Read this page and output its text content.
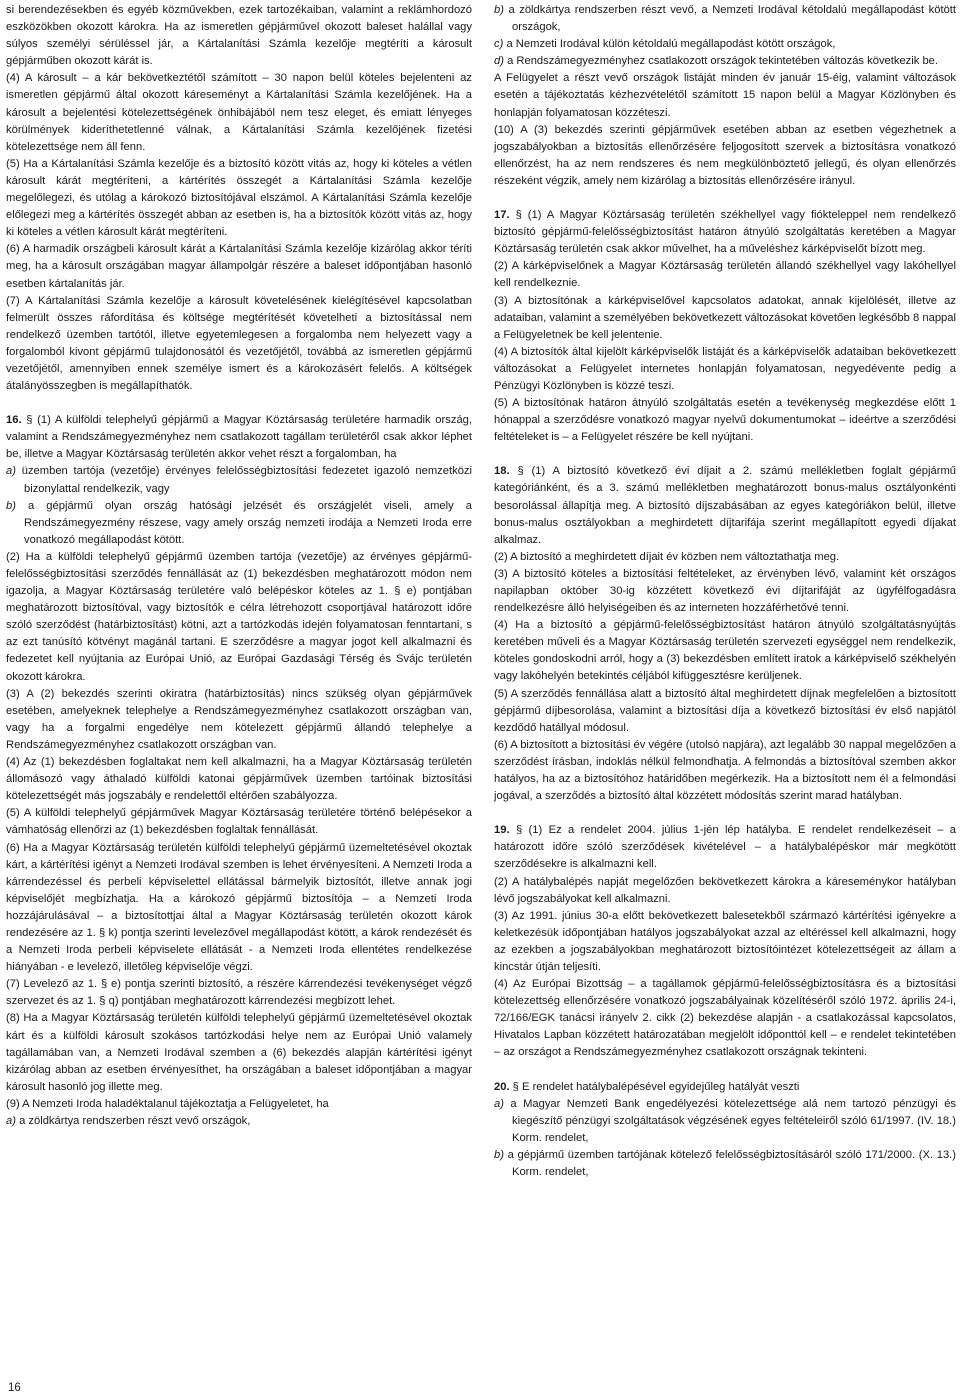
si berendezésekben és egyéb közművekben, ezek tartozékaiban, valamint a reklámhordozó eszközökben okozott károkra. Ha az ismeretlen gépjárművel okozott baleset halállal vagy súlyos személyi sérüléssel jár, a Kártalanítási Számla kezelője megtéríti a károsult gépjárműben okozott kárát is.

(4) A károsult – a kár bekövetkeztétől számított – 30 napon belül köteles bejelenteni az ismeretlen gépjármű által okozott káreseményt a Kártalanítási Számla kezelőjének. Ha a károsult a bejelentési kötelezettségének önhibájából nem tesz eleget, és emiatt lényeges körülmények kideríthetetlenné válnak, a Kártalanítási Számla kezelőjének fizetési kötelezettsége nem áll fenn.

(5) Ha a Kártalanítási Számla kezelője és a biztosító között vitás az, hogy ki köteles a vétlen károsult kárát megtéríteni, a kártérítés összegét a Kártalanítási Számla kezelője megelőlegezi, és utólag a károkozó biztosítójával elszámol. A Kártalanítási Számla kezelője előlegezi meg a kártérítés összegét abban az esetben is, ha a biztosítók között vitás az, hogy ki köteles a vétlen károsult kárát megtéríteni.

(6) A harmadik országbeli károsult kárát a Kártalanítási Számla kezelője kizárólag akkor téríti meg, ha a károsult országában magyar állampolgár részére a baleset időpontjában hasonló esetben kártalanítás jár.

(7) A Kártalanítási Számla kezelője a károsult követelésének kielégítésével kapcsolatban felmerült összes ráfordítása és költsége megtérítését követelheti a biztosítással nem rendelkező üzemben tartótól, illetve egyetemlegesen a forgalomba nem helyezett vagy a forgalomból kivont gépjármű tulajdonosától és vezetőjétől, továbbá az ismeretlen gépjármű vezetőjétől, amennyiben ennek személye ismert és a károkozásért felelős. A költségek átalányösszegben is megállapíthatók.

16. § (1) A külföldi telephelyű gépjármű a Magyar Köztársaság területére harmadik ország, valamint a Rendszámegyezményhez nem csatlakozott tagállam területéről csak akkor léphet be, illetve a Magyar Köztársaság területén akkor vehet részt a forgalomban, ha

a) üzemben tartója (vezetője) érvényes felelősségbiztosítási fedezetet igazoló nemzetközi bizonylattal rendelkezik, vagy

b) a gépjármű olyan ország hatósági jelzését és országjelét viseli, amely a Rendszámegyezmény részese, vagy amely ország nemzeti irodája a Nemzeti Iroda erre vonatkozó megállapodást kötött.

(2) Ha a külföldi telephelyű gépjármű üzemben tartója (vezetője) az érvényes gépjármű-felelősségbiztosítási szerződés fennállását az (1) bekezdésben meghatározott módon nem igazolja, a Magyar Köztársaság területére való belépéskor köteles az 1. § e) pontjában meghatározott biztosítóval, vagy biztosítók e célra létrehozott csoportjával határozott időre szóló szerződést (határbiztosítást) kötni, azt a tartózkodás idején folyamatosan fenntartani, s az ezt tanúsító kötvényt magánál tartani. E szerződésre a magyar jogot kell alkalmazni és fedezetet kell nyújtania az Európai Unió, az Európai Gazdasági Térség és Svájc területén okozott károkra.

(3) A (2) bekezdés szerinti okiratra (határbiztosítás) nincs szükség olyan gépjárművek esetében, amelyeknek telephelye a Rendszámegyezményhez csatlakozott országban van, vagy ha a forgalmi engedélye nem kötelezett gépjármű állandó telephelye a Rendszámegyezményhez csatlakozott országban van.

(4) Az (1) bekezdésben foglaltakat nem kell alkalmazni, ha a Magyar Köztársaság területén állomásozó vagy áthaladó külföldi katonai gépjárművek üzemben tartóinak biztosítási kötelezettségét más jogszabály e rendelettől eltérően szabályozza.

(5) A külföldi telephelyű gépjárművek Magyar Köztársaság területére történő belépésekor a vámhatóság ellenőrzi az (1) bekezdésben foglaltak fennállását.

(6) Ha a Magyar Köztársaság területén külföldi telephelyű gépjármű üzemeltetésével okoztak kárt, a kártérítési igényt a Nemzeti Irodával szemben is lehet érvényesíteni. A Nemzeti Iroda a kárrendezéssel és perbeli képviselettel ellátással bármelyik biztosítót, illetve annak jogi képviselőjét megbízhatja. Ha a károkozó gépjármű biztosítója – a Nemzeti Iroda hozzájárulásával – a biztosítottjai által a Magyar Köztársaság területén okozott károk rendezésére az 1. § k) pontja szerinti levelezővel megállapodást kötött, a károk rendezését és a Nemzeti Iroda perbeli képviselete ellátását - a Nemzeti Iroda ellentétes rendelkezése hiányában - e levelező, illetőleg képviselője végzi.

(7) Levelező az 1. § e) pontja szerinti biztosító, a részére kárrendezési tevékenységet végző szervezet és az 1. § q) pontjában meghatározott kárrendezési megbízott lehet.

(8) Ha a Magyar Köztársaság területén külföldi telephelyű gépjármű üzemeltetésével okoztak kárt és a külföldi károsult szokásos tartózkodási helye nem az Európai Unió valamely tagállamában van, a Nemzeti Irodával szemben a (6) bekezdés alapján kártérítési igényt kizárólag abban az esetben érvényesíthet, ha országában a baleset időpontjában a magyar károsult hasonló jog illette meg.

(9) A Nemzeti Iroda haladéktalanul tájékoztatja a Felügyeletet, ha

a) a zöldkártya rendszerben részt vevő országok,

b) a zöldkártya rendszerben részt vevő, a Nemzeti Irodával kétoldalú megállapodást kötött országok,

c) a Nemzeti Irodával külön kétoldalú megállapodást kötött országok,

d) a Rendszámegyezményhez csatlakozott országok tekintetében változás következik be.

A Felügyelet a részt vevő országok listáját minden év január 15-éig, valamint változások esetén a tájékoztatás kézhezvételétől számított 15 napon belül a Magyar Közlönyben és honlapján folyamatosan közzéteszi.

(10) A (3) bekezdés szerinti gépjárművek esetében abban az esetben végezhetnek a jogszabályokban a biztosítás ellenőrzésére feljogosított szervek a biztosításra vonatkozó ellenőrzést, ha az nem rendszeres és nem megkülönböztető jellegű, és olyan ellenőrzés részeként végzik, amely nem kizárólag a biztosítás ellenőrzésére irányul.

17. § (1) A Magyar Köztársaság területén székhellyel vagy fiókteleppel nem rendelkező biztosító gépjármű-felelősségbiztosítást határon átnyúló szolgáltatás keretében a Magyar Köztársaság területén csak akkor művelhet, ha a műveléshez kárképviselőt bízott meg.

(2) A kárképviselőnek a Magyar Köztársaság területén állandó székhellyel vagy lakóhellyel kell rendelkeznie.

(3) A biztosítónak a kárképviselővel kapcsolatos adatokat, annak kijelölését, illetve az adataiban, valamint a személyében bekövetkezett változásokat követően legkésőbb 8 nappal a Felügyeletnek be kell jelentenie.

(4) A biztosítók által kijelölt kárképviselők listáját és a kárképviselők adataiban bekövetkezett változásokat a Felügyelet internetes honlapján folyamatosan, negyedévente pedig a Pénzügyi Közlönyben is közzé teszi.

(5) A biztosítónak határon átnyúló szolgáltatás esetén a tevékenység megkezdése előtt 1 hónappal a szerződésre vonatkozó magyar nyelvű dokumentumokat – ideértve a szerződési feltételeket is – a Felügyelet részére be kell nyújtani.

18. § (1) A biztosító következő évi díjait a 2. számú mellékletben foglalt gépjármű kategóriánként, és a 3. számú mellékletben meghatározott bonus-malus osztályonkénti besorolással állapítja meg. A biztosító díjszabásában az egyes kategóriákon belül, illetve bonus-malus osztályokban a meghirdetett díjtarifája szerint megállapított egyedi díjakat alkalmaz.

(2) A biztosító a meghirdetett díjait év közben nem változtathatja meg.

(3) A biztosító köteles a biztosítási feltételeket, az érvényben lévő, valamint két országos napilapban október 30-ig közzétett következő évi díjtarifáját az ügyfélfogadásra rendelkezésre álló helyiségeiben és az interneten hozzáférhetővé tenni.

(4) Ha a biztosító a gépjármű-felelősségbiztosítást határon átnyúló szolgáltatásnyújtás keretében műveli és a Magyar Köztársaság területén szervezeti egységgel nem rendelkezik, köteles gondoskodni arról, hogy a (3) bekezdésben említett iratok a kárképviselő székhelyén vagy lakóhelyén betekintés céljából kifüggesztésre kerüljenek.

(5) A szerződés fennállása alatt a biztosító által meghirdetett díjnak megfelelően a biztosított gépjármű díjbesorolása, valamint a biztosítási díja a következő biztosítási év első napjától kezdődő hatállyal módosul.

(6) A biztosított a biztosítási év végére (utolsó napjára), azt legalább 30 nappal megelőzően a szerződést írásban, indoklás nélkül felmondhatja. A felmondás a biztosítóval szemben akkor hatályos, ha az a biztosítóhoz határidőben megérkezik. Ha a biztosított nem él a felmondási jogával, a szerződés a biztosító által közzétett módosítás szerint marad hatályban.

19. § (1) Ez a rendelet 2004. július 1-jén lép hatályba. E rendelet rendelkezéseit – a határozott időre szóló szerződések kivételével – a hatálybalépéskor már megkötött szerződésekre is alkalmazni kell.

(2) A hatálybalépés napját megelőzően bekövetkezett károkra a káreseménykor hatályban lévő jogszabályokat kell alkalmazni.

(3) Az 1991. június 30-a előtt bekövetkezett balesetekből származó kártérítési igényekre a keletkezésük időpontjában hatályos jogszabályokat azzal az eltéréssel kell alkalmazni, hogy az ezekben a jogszabályokban meghatározott biztosítóintézet kötelezettségeit az állam a kincstár útján teljesíti.

(4) Az Európai Bizottság – a tagállamok gépjármű-felelősségbiztosításra és a biztosítási kötelezettség ellenőrzésére vonatkozó jogszabályainak közelítéséről szóló 1972. április 24-i, 72/166/EGK tanácsi irányelv 2. cikk (2) bekezdése alapján - a csatlakozással kapcsolatos, Hivatalos Lapban közzétett határozatában megjelölt időponttól kell – e rendelet tekintetében – az országot a Rendszámegyezményhez csatlakozott országnak tekinteni.

20. § E rendelet hatálybalépésével egyidejűleg hatályát veszti

a) a Magyar Nemzeti Bank engedélyezési kötelezettsége alá nem tartozó pénzügyi és kiegészítő pénzügyi szolgáltatások végzésének egyes feltételeiről szóló 61/1997. (IV. 18.) Korm. rendelet,

b) a gépjármű üzemben tartójának kötelező felelősségbiztosításáról szóló 171/2000. (X. 13.) Korm. rendelet,

16
